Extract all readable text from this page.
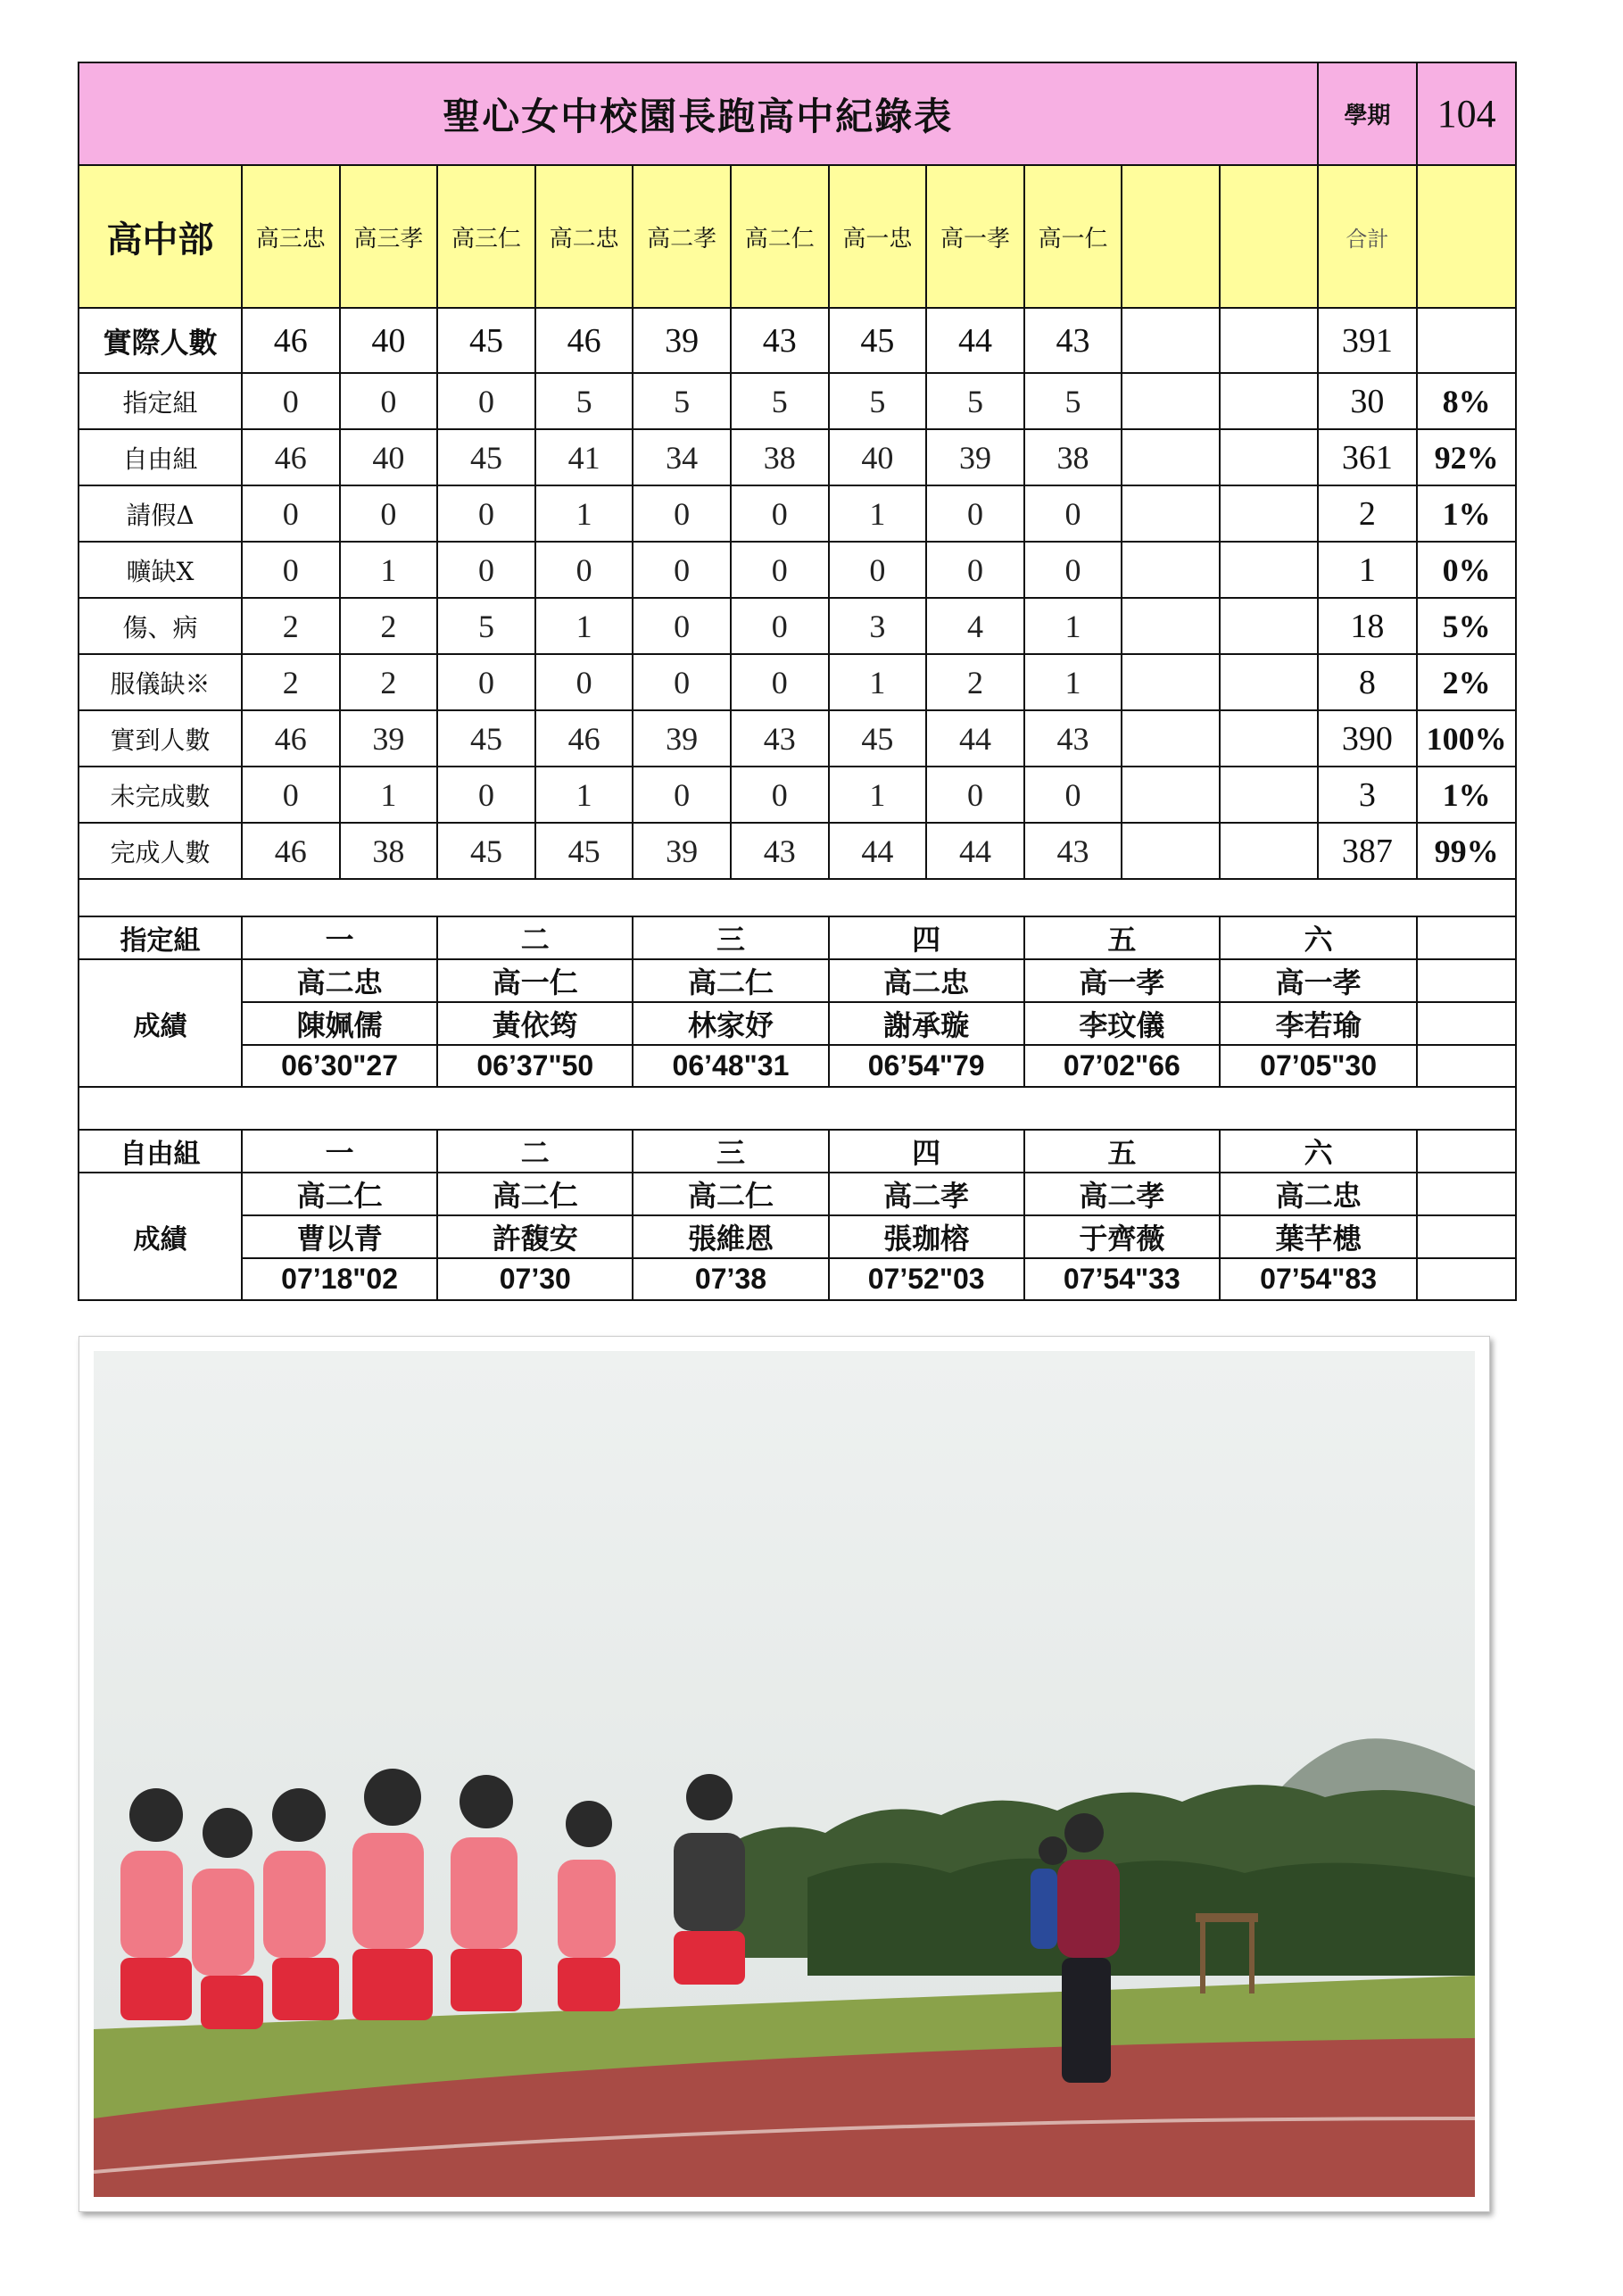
聖心女中校園長跑高中紀錄表												學期	104
高中部	高三忠	高三孝	高三仁	高二忠	高二孝	高二仁	高一忠	高一孝	高一仁			合計	
實際人數	46	40	45	46	39	43	45	44	43			391	
指定組	0	0	0	5	5	5	5	5	5			30	8%
自由組	46	40	45	41	34	38	40	39	38			361	92%
請假Δ	0	0	0	1	0	0	1	0	0			2	1%
曠缺X	0	1	0	0	0	0	0	0	0			1	0%
傷、病	2	2	5	1	0	0	3	4	1			18	5%
服儀缺※	2	2	0	0	0	0	1	2	1			8	2%
實到人數	46	39	45	46	39	43	45	44	43			390	100%
未完成數	0	1	0	1	0	0	1	0	0			3	1%
完成人數	46	38	45	45	39	43	44	44	43			387	99%

指定組	一		二		三		四		五		六		
成績	高二忠		高一仁		高二仁		高二忠		高一孝		高一孝		
	陳姵儒		黃依筠		林家妤		謝承璇		李玟儀		李若瑜		
	06’30"27		06’37"50		06’48"31		06’54"79		07’02"66		07’05"30		

自由組	一		二		三		四		五		六		
成績	高二仁		高二仁		高二仁		高二孝		高二孝		高二忠		
	曹以青		許馥安		張維恩		張珈榕		于齊薇		葉芊槵		
	07’18"02		07’30		07’38		07’52"03		07’54"33		07’54"83		
